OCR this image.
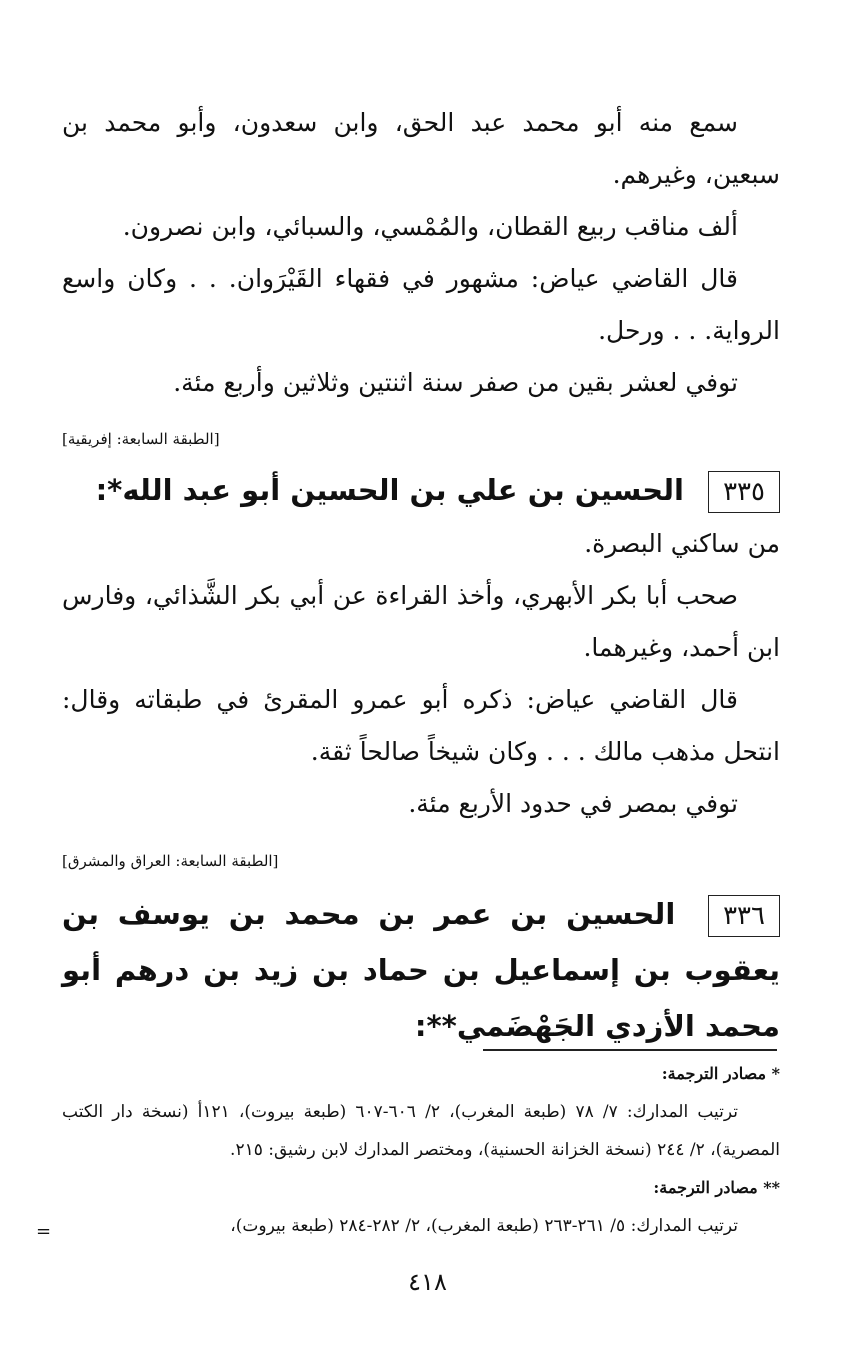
سمع منه أبو محمد عبد الحق، وابن سعدون، وأبو محمد بن سبعين، وغيرهم.
ألف مناقب ربيع القطان، والمُمْسي، والسبائي، وابن نصرون.
قال القاضي عياض: مشهور في فقهاء القَيْرَوان. . . وكان واسع الرواية. . . ورحل.
توفي لعشر بقين من صفر سنة اثنتين وثلاثين وأربع مئة.
[الطبقة السابعة: إفريقية]
٣٣٥ الحسين بن علي بن الحسين أبو عبد الله*:
من ساكني البصرة.
صحب أبا بكر الأبهري، وأخذ القراءة عن أبي بكر الشَّذائي، وفارس ابن أحمد، وغيرهما.
قال القاضي عياض: ذكره أبو عمرو المقرئ في طبقاته وقال: انتحل مذهب مالك . . . وكان شيخاً صالحاً ثقة.
توفي بمصر في حدود الأربع مئة.
[الطبقة السابعة: العراق والمشرق]
٣٣٦ الحسين بن عمر بن محمد بن يوسف بن يعقوب بن إسماعيل بن حماد بن زيد بن درهم أبو محمد الأزدي الجَهْضَمي**:
* مصادر الترجمة:
ترتيب المدارك: ٧/ ٧٨ (طبعة المغرب)، ٢/ ٦٠٦-٦٠٧ (طبعة بيروت)، ١٢١أ (نسخة دار الكتب المصرية)، ٢/ ٢٤٤ (نسخة الخزانة الحسنية)، ومختصر المدارك لابن رشيق: ٢١٥.
** مصادر الترجمة:
ترتيب المدارك: ٥/ ٢٦١-٢٦٣ (طبعة المغرب)، ٢/ ٢٨٢-٢٨٤ (طبعة بيروت)،
=
٤١٨
